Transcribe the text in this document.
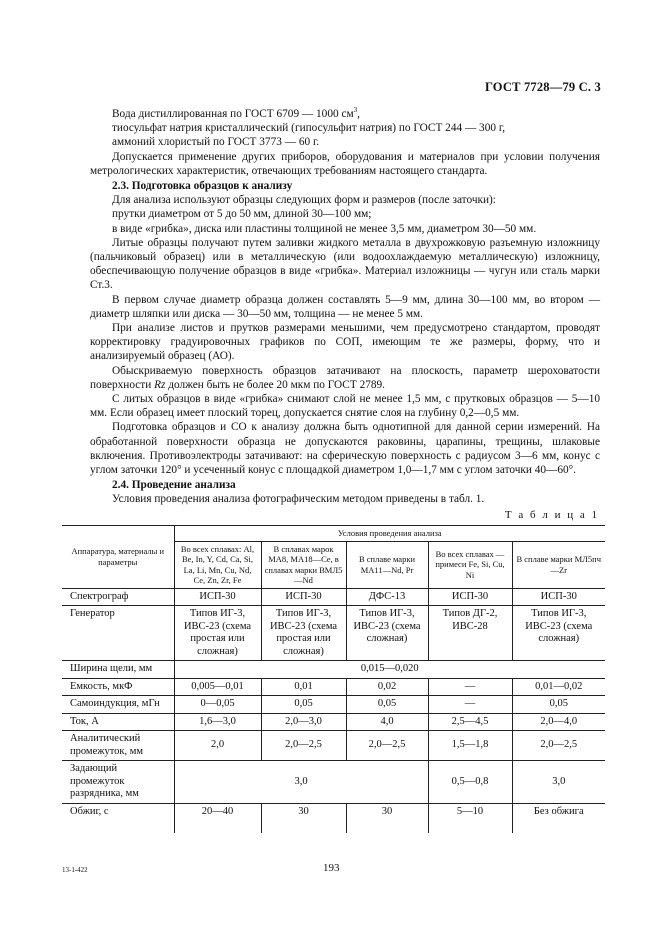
ГОСТ 7728—79 С. 3

Вода дистиллированная по ГОСТ 6709 — 1000 $см^3$,

тиосульфат натрия кристаллический (гипосульфит натрия) по ГОСТ 244 — 300 г,

аммоний хлористый по ГОСТ 3773 — 60 г.

Допускается применение других приборов, оборудования и материалов при условии получения метрологических характеристик, отвечающих требованиям настоящего стандарта.

2.3. Подготовка образцов к анализу

Для анализа используют образцы следующих форм и размеров (после заточки):

прутки диаметром от 5 до 50 мм, длиной 30—100 мм;

в виде «грибка», диска или пластины толщиной не менее 3,5 мм, диаметром 30—50 мм.

Литые образцы получают путем заливки жидкого металла в двухрожковую разъемную изложницу (пальчиковый образец) или в металлическую (или водоохлаждаемую металлическую) изложницу, обеспечивающую получение образцов в виде «грибка». Материал изложницы — чугун или сталь марки Ст.3.

В первом случае диаметр образца должен составлять 5—9 мм, длина 30—100 мм, во втором — диаметр шляпки или диска — 30—50 мм, толщина — не менее 5 мм.

При анализе листов и прутков размерами меньшими, чем предусмотрено стандартом, проводят корректировку градуировочных графиков по СОП, имеющим те же размеры, форму, что и анализируемый образец (АО).

Обыскриваемую поверхность образцов затачивают на плоскость, параметр шероховатости поверхности Rz должен быть не более 20 мкм по ГОСТ 2789.

С литых образцов в виде «грибка» снимают слой не менее 1,5 мм, с прутковых образцов — 5—10 мм. Если образец имеет плоский торец, допускается снятие слоя на глубину 0,2—0,5 мм.

Подготовка образцов и СО к анализу должна быть однотипной для данной серии измерений. На обработанной поверхности образца не допускаются раковины, царапины, трещины, шлаковые включения. Противоэлектроды затачивают: на сферическую поверхность с радиусом 3—6 мм, конус с углом заточки 120° и усеченный конус с площадкой диаметром 1,0—1,7 мм с углом заточки 40—60°.

2.4. Проведение анализа

Условия проведения анализа фотографическим методом приведены в табл. 1.

Т а б л и ц а 1
Аппаратура, материалы и параметры	Условия проведения анализа				
	Во всех сплавах: Al, Be, In, Y, Cd, Ca, Si, La, Li, Mn, Cu, Nd, Ce, Zn, Zr, Fe	В сплавах марок МА8, МА18—Ce, в сплавах марки ВМЛ5—Nd	В сплаве марки МА11—Nd, Pr	Во всех сплавах — примеси Fe, Si, Cu, Ni	В сплаве марки МЛ5пч—Zr
Спектрограф	ИСП-30	ИСП-30	ДФС-13	ИСП-30	ИСП-30
Генератор	Типов ИГ-3, ИВС-23 (схема простая или сложная)	Типов ИГ-3, ИВС-23 (схема простая или сложная)	Типов ИГ-3, ИВС-23 (схема сложная)	Типов ДГ-2, ИВС-28	Типов ИГ-3, ИВС-23 (схема сложная)
Ширина щели, мм	0,015—0,020				
Емкость, мкФ	0,005—0,01	0,01	0,02	—	0,01—0,02
Самоиндукция, мГн	0—0,05	0,05	0,05	—	0,05
Ток, А	1,6—3,0	2,0—3,0	4,0	2,5—4,5	2,0—4,0
Аналитический промежуток, мм	2,0	2,0—2,5	2,0—2,5	1,5—1,8	2,0—2,5
Задающий промежуток разрядника, мм	3,0			0,5—0,8	3,0
Обжиг, с	20—40	30	30	5—10	Без обжига
13-1-422	193
